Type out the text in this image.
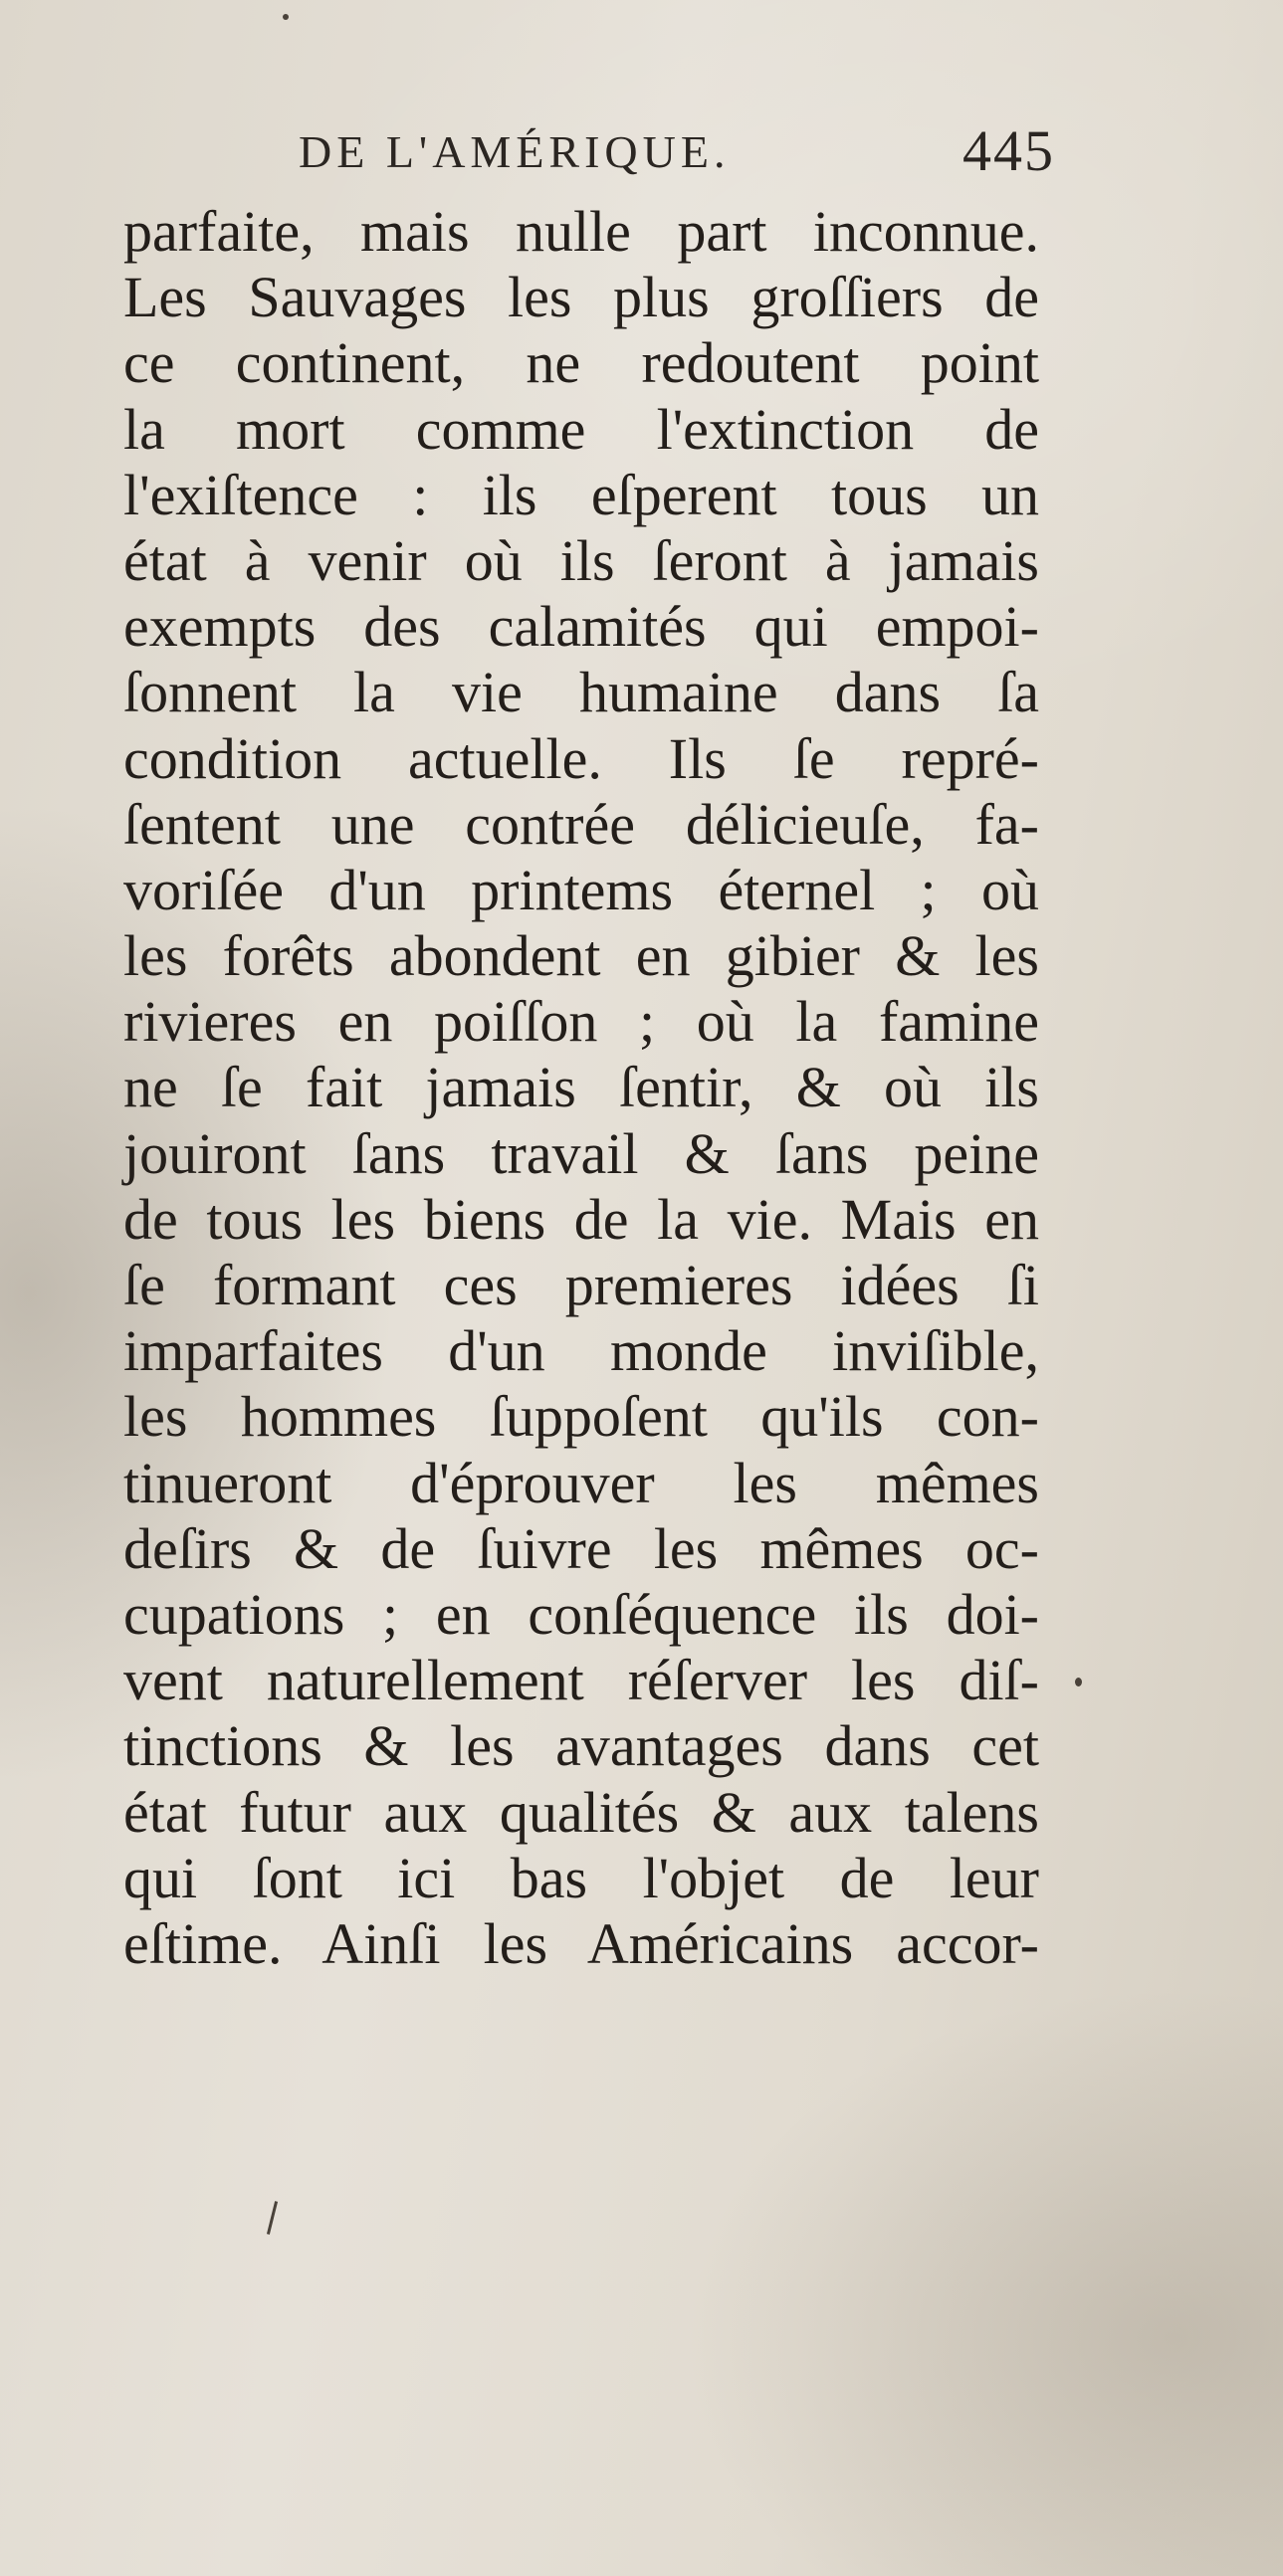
DE L'AMÉRIQUE.	445
parfaite, mais nulle part inconnue.
Les Sauvages les plus groſſiers de
ce continent, ne redoutent point
la mort comme l'extinction de
l'exiſtence : ils eſperent tous un
état à venir où ils ſeront à jamais
exempts des calamités qui empoi-
ſonnent la vie humaine dans ſa
condition actuelle. Ils ſe repré-
ſentent une contrée délicieuſe, fa-
voriſée d'un printems éternel ; où
les forêts abondent en gibier & les
rivieres en poiſſon ; où la famine
ne ſe fait jamais ſentir, & où ils
jouiront ſans travail & ſans peine
de tous les biens de la vie. Mais en
ſe formant ces premieres idées ſi
imparfaites d'un monde inviſible,
les hommes ſuppoſent qu'ils con-
tinueront d'éprouver les mêmes
deſirs & de ſuivre les mêmes oc-
cupations ; en conſéquence ils doi-
vent naturellement réſerver les diſ-
tinctions & les avantages dans cet
état futur aux qualités & aux talens
qui ſont ici bas l'objet de leur
eſtime. Ainſi les Américains accor-
